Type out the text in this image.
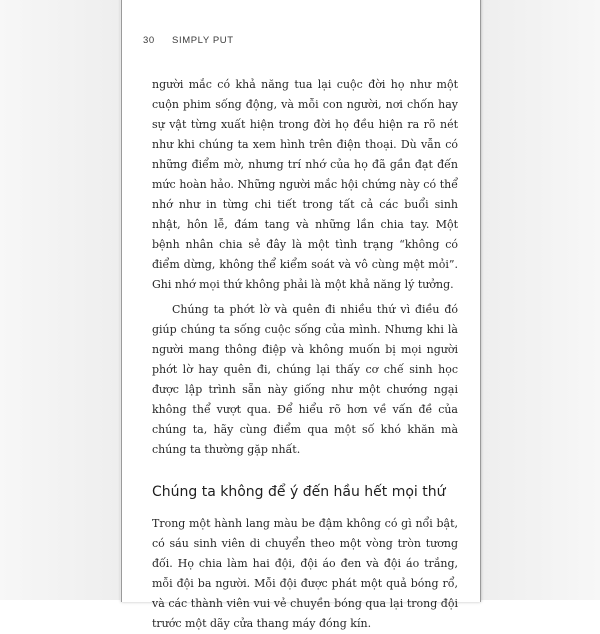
30 SIMPLY PUT

người mắc có khả năng tua lại cuộc đời họ như một cuộn phim sống động, và mỗi con người, nơi chốn hay sự vật từng xuất hiện trong đời họ đều hiện ra rõ nét như khi chúng ta xem hình trên điện thoại. Dù vẫn có những điểm mờ, nhưng trí nhớ của họ đã gần đạt đến mức hoàn hảo. Những người mắc hội chứng này có thể nhớ như in từng chi tiết trong tất cả các buổi sinh nhật, hôn lễ, đám tang và những lần chia tay. Một bệnh nhân chia sẻ đây là một tình trạng “không có điểm dừng, không thể kiểm soát và vô cùng mệt mỏi”. Ghi nhớ mọi thứ không phải là một khả năng lý tưởng.

Chúng ta phớt lờ và quên đi nhiều thứ vì điều đó giúp chúng ta sống cuộc sống của mình. Nhưng khi là người mang thông điệp và không muốn bị mọi người phớt lờ hay quên đi, chúng lại thấy cơ chế sinh học được lập trình sẵn này giống như một chướng ngại không thể vượt qua. Để hiểu rõ hơn về vấn đề của chúng ta, hãy cùng điểm qua một số khó khăn mà chúng ta thường gặp nhất.

Chúng ta không để ý đến hầu hết mọi thứ

Trong một hành lang màu be đậm không có gì nổi bật, có sáu sinh viên di chuyển theo một vòng tròn tương đối. Họ chia làm hai đội, đội áo đen và đội áo trắng, mỗi đội ba người. Mỗi đội được phát một quả bóng rổ, và các thành viên vui vẻ chuyền bóng qua lại trong đội trước một dãy cửa thang máy đóng kín.
